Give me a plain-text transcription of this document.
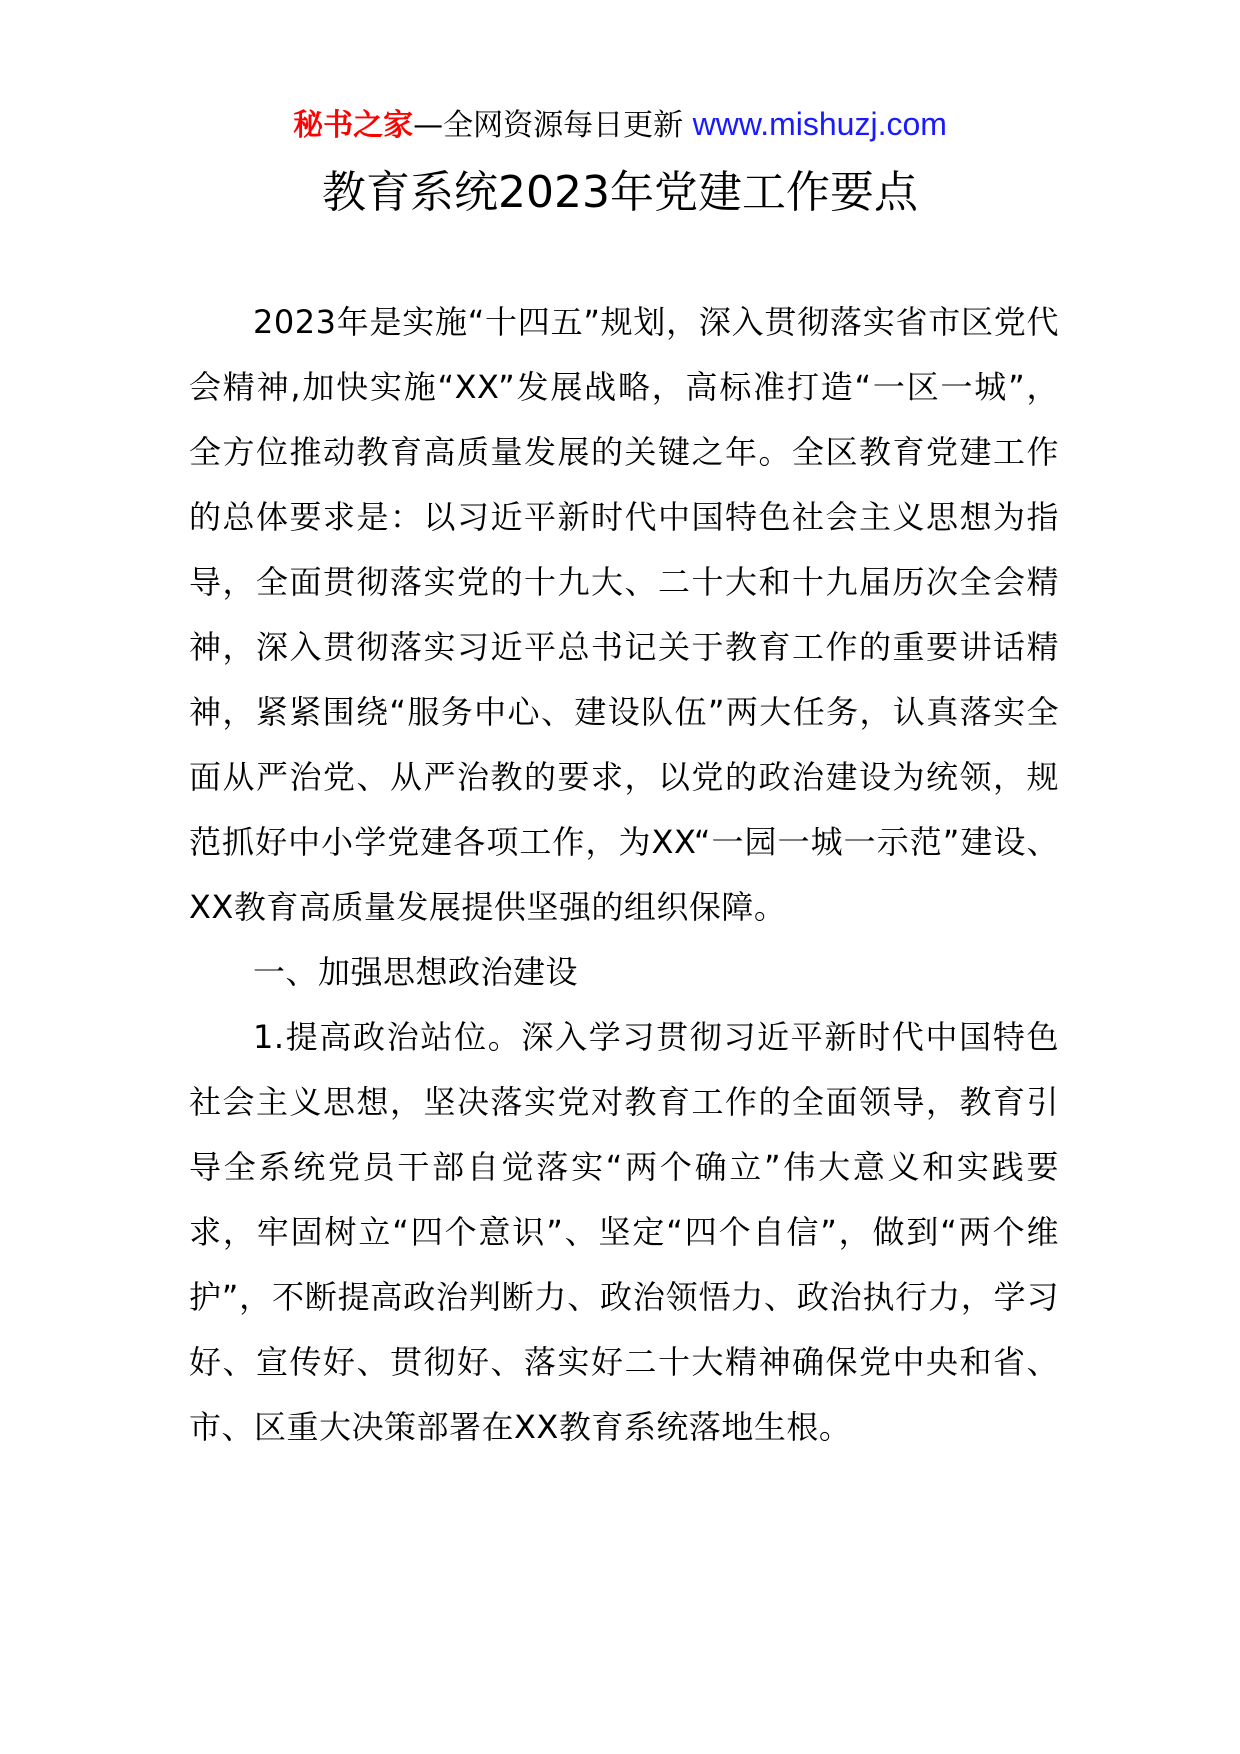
秘书之家—全网资源每日更新 www.mishuzj.com
教育系统2023年党建工作要点

2023年是实施“十四五”规划，深入贯彻落实省市区党代会精神,加快实施“XX”发展战略，高标准打造“一区一城”，全方位推动教育高质量发展的关键之年。全区教育党建工作的总体要求是：以习近平新时代中国特色社会主义思想为指导，全面贯彻落实党的十九大、二十大和十九届历次全会精神，深入贯彻落实习近平总书记关于教育工作的重要讲话精神，紧紧围绕“服务中心、建设队伍”两大任务，认真落实全面从严治党、从严治教的要求，以党的政治建设为统领，规范抓好中小学党建各项工作，为XX“一园一城一示范”建设、XX教育高质量发展提供坚强的组织保障。

一、加强思想政治建设

1.提高政治站位。深入学习贯彻习近平新时代中国特色社会主义思想，坚决落实党对教育工作的全面领导，教育引导全系统党员干部自觉落实“两个确立”伟大意义和实践要求，牢固树立“四个意识”、坚定“四个自信”，做到“两个维护”，不断提高政治判断力、政治领悟力、政治执行力，学习好、宣传好、贯彻好、落实好二十大精神确保党中央和省、市、区重大决策部署在XX教育系统落地生根。
